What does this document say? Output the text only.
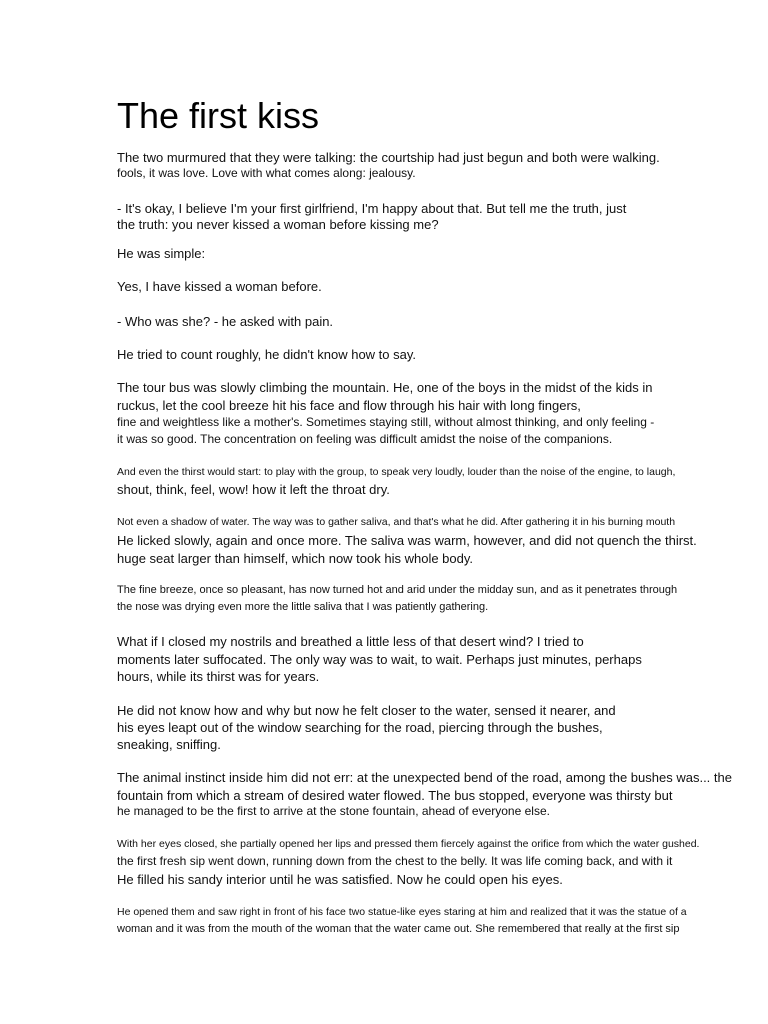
The first kiss

The two murmured that they were talking: the courtship had just begun and both were walking.

fools, it was love. Love with what comes along: jealousy.

- It's okay, I believe I'm your first girlfriend, I'm happy about that. But tell me the truth, just

the truth: you never kissed a woman before kissing me?

He was simple:

Yes, I have kissed a woman before.

- Who was she? - he asked with pain.

He tried to count roughly, he didn't know how to say.

The tour bus was slowly climbing the mountain. He, one of the boys in the midst of the kids in

ruckus, let the cool breeze hit his face and flow through his hair with long fingers,

fine and weightless like a mother's. Sometimes staying still, without almost thinking, and only feeling -

it was so good. The concentration on feeling was difficult amidst the noise of the companions.

And even the thirst would start: to play with the group, to speak very loudly, louder than the noise of the engine, to laugh,

shout, think, feel, wow! how it left the throat dry.

Not even a shadow of water. The way was to gather saliva, and that's what he did. After gathering it in his burning mouth

He licked slowly, again and once more. The saliva was warm, however, and did not quench the thirst.

huge seat larger than himself, which now took his whole body.

The fine breeze, once so pleasant, has now turned hot and arid under the midday sun, and as it penetrates through

the nose was drying even more the little saliva that I was patiently gathering.

What if I closed my nostrils and breathed a little less of that desert wind? I tried to

moments later suffocated. The only way was to wait, to wait. Perhaps just minutes, perhaps

hours, while its thirst was for years.

He did not know how and why but now he felt closer to the water, sensed it nearer, and

his eyes leapt out of the window searching for the road, piercing through the bushes,

sneaking, sniffing.

The animal instinct inside him did not err: at the unexpected bend of the road, among the bushes was... the

fountain from which a stream of desired water flowed. The bus stopped, everyone was thirsty but

he managed to be the first to arrive at the stone fountain, ahead of everyone else.

With her eyes closed, she partially opened her lips and pressed them fiercely against the orifice from which the water gushed.

the first fresh sip went down, running down from the chest to the belly. It was life coming back, and with it

He filled his sandy interior until he was satisfied. Now he could open his eyes.

He opened them and saw right in front of his face two statue-like eyes staring at him and realized that it was the statue of a

woman and it was from the mouth of the woman that the water came out. She remembered that really at the first sip
